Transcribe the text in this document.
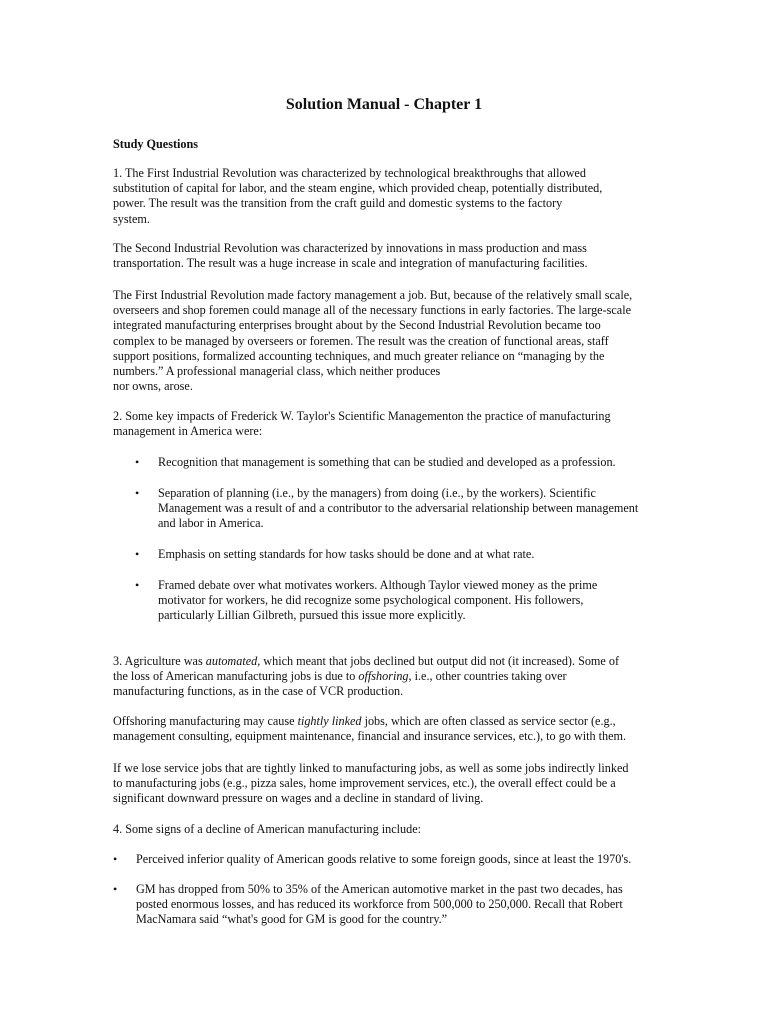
Solution Manual - Chapter 1
Study Questions
1. The First Industrial Revolution was characterized by technological breakthroughs that allowed
substitution of capital for labor, and the steam engine, which provided cheap, potentially distributed,
power. The result was the transition from the craft guild and domestic systems to the factory
system.
The Second Industrial Revolution was characterized by innovations in mass production and mass
transportation. The result was a huge increase in scale and integration of manufacturing facilities.
The First Industrial Revolution made factory management a job. But, because of the relatively small scale,
overseers and shop foremen could manage all of the necessary functions in early factories. The large-scale
integrated manufacturing enterprises brought about by the Second Industrial Revolution became too
complex to be managed by overseers or foremen. The result was the creation of functional areas, staff
support positions, formalized accounting techniques, and much greater reliance on “managing by the
numbers.” A professional managerial class, which neither produces
nor owns, arose.
2. Some key impacts of Frederick W. Taylor's Scientific Managementon the practice of manufacturing
management in America were:
• Recognition that management is something that can be studied and developed as a profession.
• Separation of planning (i.e., by the managers) from doing (i.e., by the workers). Scientific
Management was a result of and a contributor to the adversarial relationship between management
and labor in America.
• Emphasis on setting standards for how tasks should be done and at what rate.
• Framed debate over what motivates workers. Although Taylor viewed money as the prime
motivator for workers, he did recognize some psychological component. His followers,
particularly Lillian Gilbreth, pursued this issue more explicitly.
3. Agriculture was automated, which meant that jobs declined but output did not (it increased). Some of
the loss of American manufacturing jobs is due to offshoring, i.e., other countries taking over
manufacturing functions, as in the case of VCR production.
Offshoring manufacturing may cause tightly linked jobs, which are often classed as service sector (e.g.,
management consulting, equipment maintenance, financial and insurance services, etc.), to go with them.
If we lose service jobs that are tightly linked to manufacturing jobs, as well as some jobs indirectly linked
to manufacturing jobs (e.g., pizza sales, home improvement services, etc.), the overall effect could be a
significant downward pressure on wages and a decline in standard of living.
4. Some signs of a decline of American manufacturing include:
• Perceived inferior quality of American goods relative to some foreign goods, since at least the 1970's.
• GM has dropped from 50% to 35% of the American automotive market in the past two decades, has
posted enormous losses, and has reduced its workforce from 500,000 to 250,000. Recall that Robert
MacNamara said “what's good for GM is good for the country.”
